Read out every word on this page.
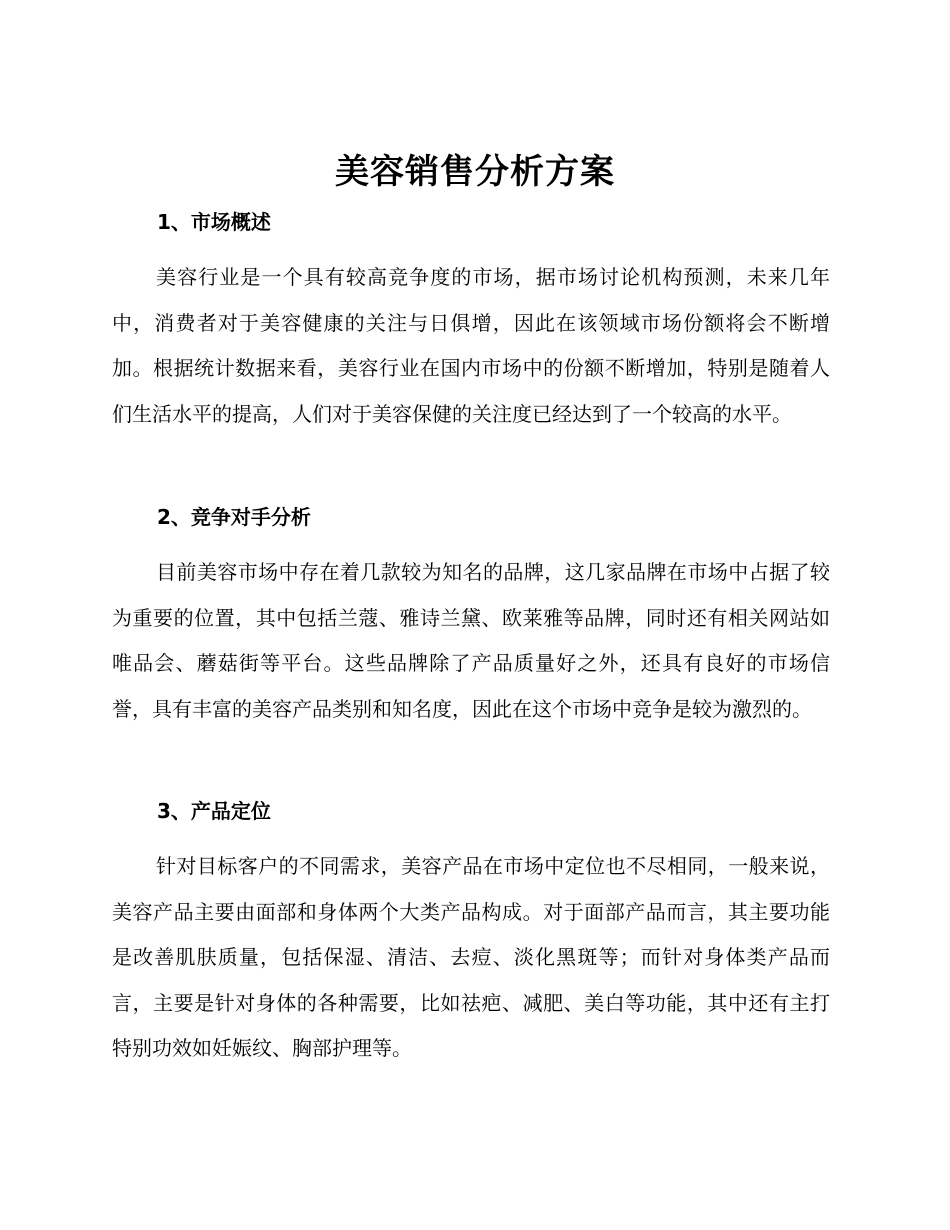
美容销售分析方案
1、市场概述

美容行业是一个具有较高竞争度的市场，据市场讨论机构预测，未来几年中，消费者对于美容健康的关注与日俱增，因此在该领域市场份额将会不断增加。根据统计数据来看，美容行业在国内市场中的份额不断增加，特别是随着人们生活水平的提高，人们对于美容保健的关注度已经达到了一个较高的水平。

2、竞争对手分析

目前美容市场中存在着几款较为知名的品牌，这几家品牌在市场中占据了较为重要的位置，其中包括兰蔻、雅诗兰黛、欧莱雅等品牌，同时还有相关网站如唯品会、蘑菇街等平台。这些品牌除了产品质量好之外，还具有良好的市场信誉，具有丰富的美容产品类别和知名度，因此在这个市场中竞争是较为激烈的。

3、产品定位

针对目标客户的不同需求，美容产品在市场中定位也不尽相同，一般来说，美容产品主要由面部和身体两个大类产品构成。对于面部产品而言，其主要功能是改善肌肤质量，包括保湿、清洁、去痘、淡化黑斑等；而针对身体类产品而言，主要是针对身体的各种需要，比如祛疤、减肥、美白等功能，其中还有主打特别功效如妊娠纹、胸部护理等。
